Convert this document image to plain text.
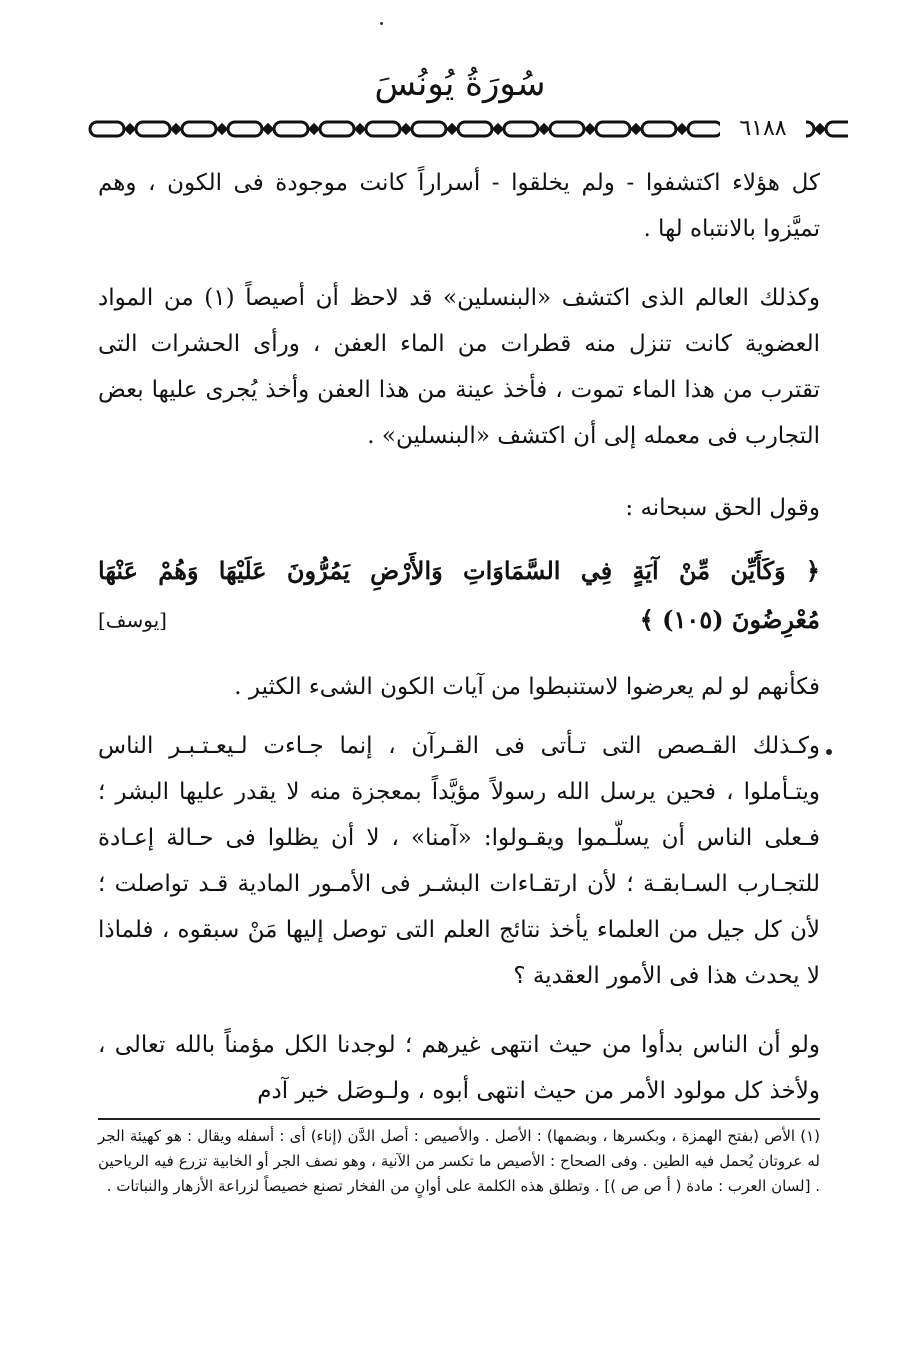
سُورَةُ يُونُسَ
٦١٨٨
كل هؤلاء اكتشفوا - ولم يخلقوا - أسراراً كانت موجودة فى الكون ، وهم تميَّزوا بالانتباه لها .
وكذلك العالم الذى اكتشف «البنسلين» قد لاحظ أن أصيصاً (١) من المواد العضوية كانت تنزل منه قطرات من الماء العفن ، ورأى الحشرات التى تقترب من هذا الماء تموت ، فأخذ عينة من هذا العفن وأخذ يُجرى عليها بعض التجارب فى معمله إلى أن اكتشف «البنسلين» .
وقول الحق سبحانه :
﴿ وَكَأَيِّن مِّنْ آيَةٍ فِي السَّمَاوَاتِ وَالأَرْضِ يَمُرُّونَ عَلَيْهَا وَهُمْ عَنْهَا
مُعْرِضُونَ (١٠٥) ﴾
[يوسف]
فكأنهم لو لم يعرضوا لاستنبطوا من آيات الكون الشىء الكثير .
وكـذلك القـصص التى تـأتى فى القـرآن ، إنما جـاءت لـيعـتـبـر الناس ويتـأملوا ، فحين يرسل الله رسولاً مؤيَّداً بمعجزة منه لا يقدر عليها البشر ؛ فـعلى الناس أن يسلّـموا ويقـولوا: «آمنا» ، لا أن يظلوا فى حـالة إعـادة للتجـارب السـابقـة ؛ لأن ارتقـاءات البشـر فى الأمـور المادية قـد تواصلت ؛ لأن كل جيل من العلماء يأخذ نتائج العلم التى توصل إليها مَنْ سبقوه ، فلماذا لا يحدث هذا فى الأمور العقدية ؟
ولو أن الناس بدأوا من حيث انتهى غيرهم ؛ لوجدنا الكل مؤمناً بالله تعالى ، ولأخذ كل مولود الأمر من حيث انتهى أبوه ، ولـوصَل خير آدم
(١) الأص (بفتح الهمزة ، وبكسرها ، وبضمها) : الأصل . والأصيص : أصل الدَّن (إناء) أى : أسفله ويقال : هو كهيئة الجر له عروتان يُحمل فيه الطين . وفى الصحاح : الأصيص ما تكسر من الآنية ، وهو نصف الجر أو الخابية تزرع فيه الرياحين . [لسان العرب : مادة ( أ ص ص )] . وتطلق هذه الكلمة على أوانٍ من الفخار تصنع خصيصاً لزراعة الأزهار والنباتات .
